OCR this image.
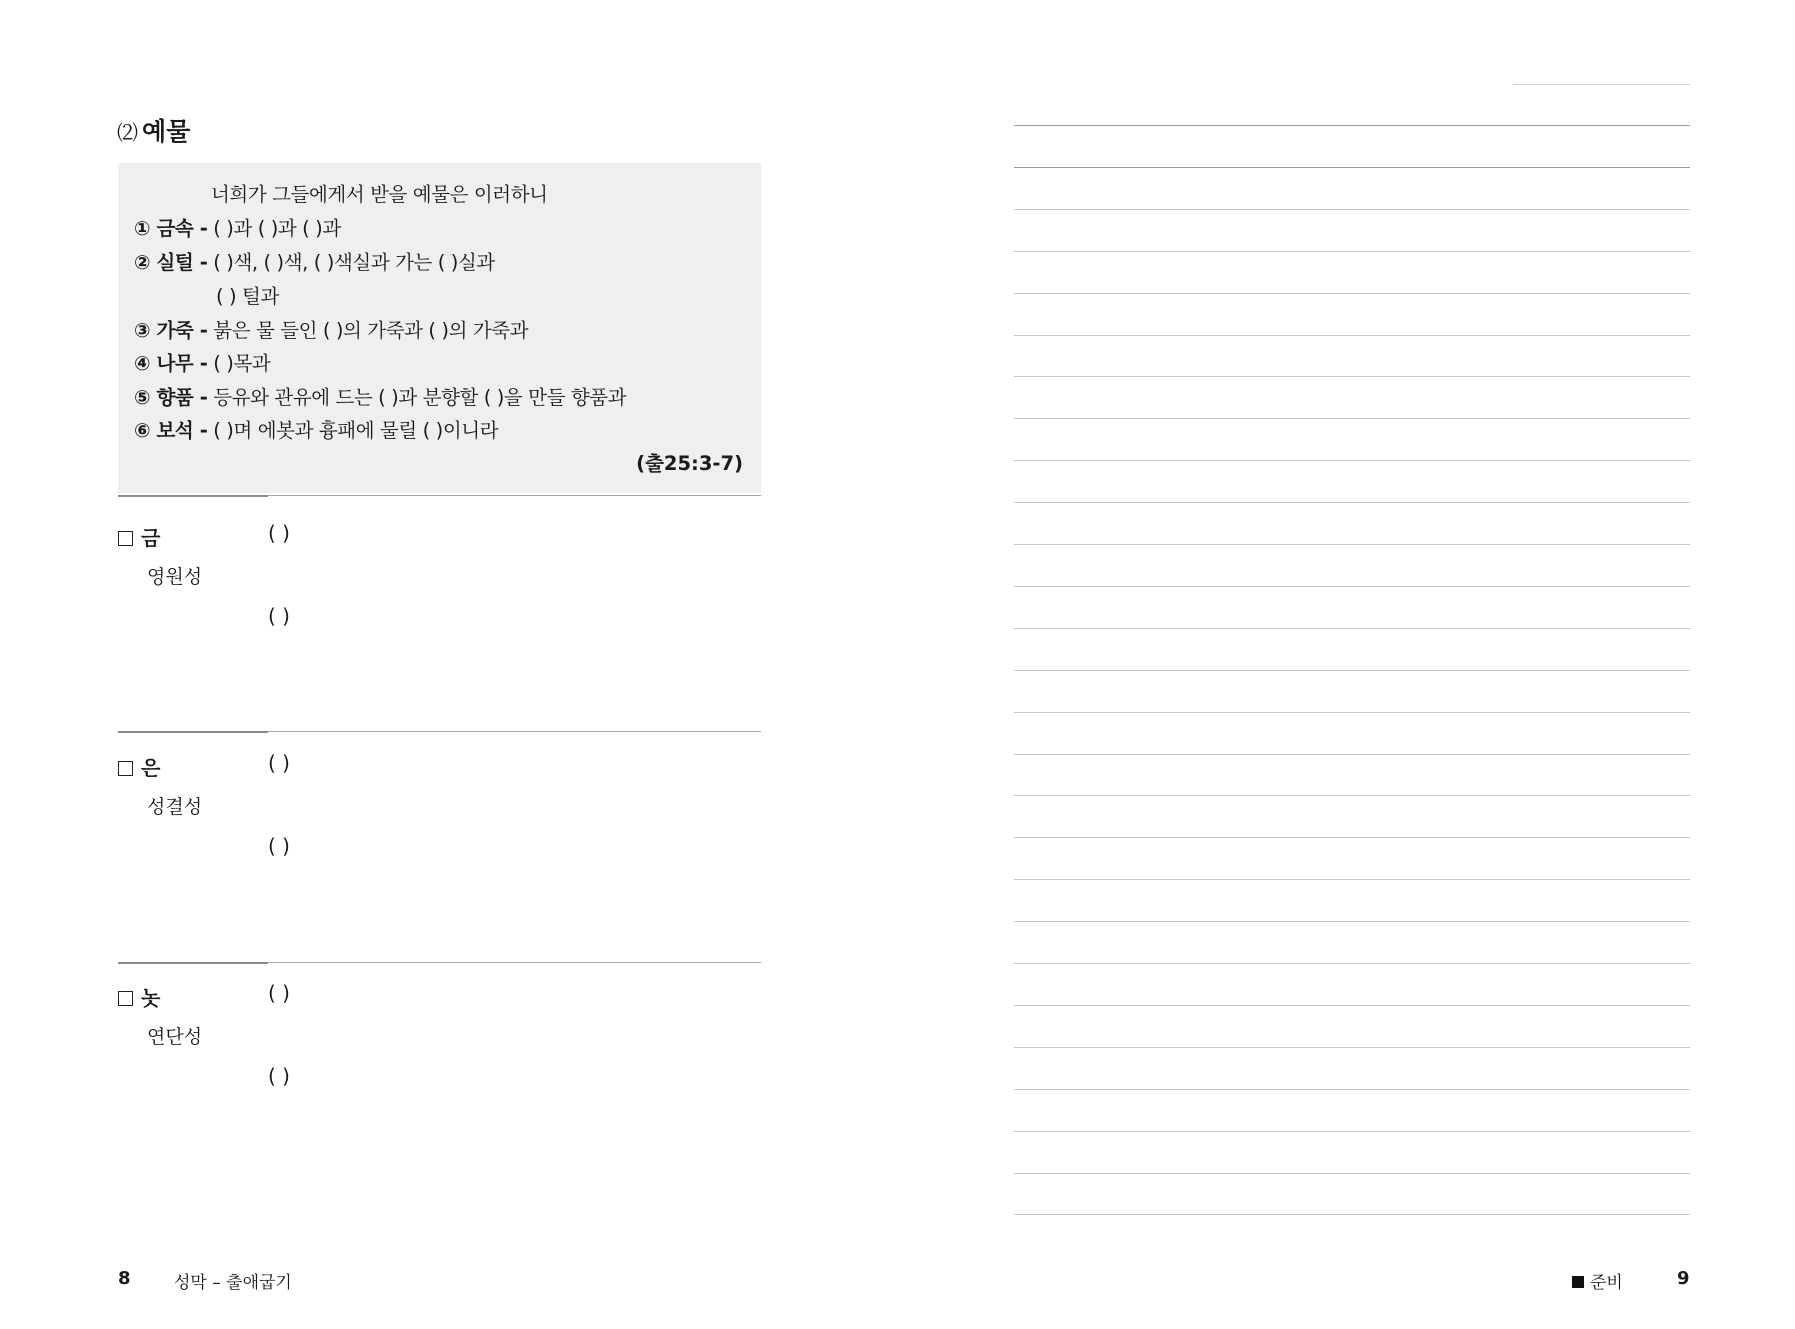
⑵ 예물
너희가 그들에게서 받을 예물은 이러하니
① 금속 - ( )과 ( )과 ( )과
② 실털 - ( )색, ( )색, ( )색실과 가는 ( )실과
( ) 털과
③ 가죽 - 붉은 물 들인 ( )의 가죽과 ( )의 가죽과
④ 나무 - ( )목과
⑤ 향품 - 등유와 관유에 드는 ( )과 분향할 ( )을 만들 향품과
⑥ 보석 - ( )며 에봇과 흉패에 물릴 ( )이니라
(출25:3-7)
금	( )
영원성
( )
은	( )
성결성
( )
놋	( )
연단성
( )
8	성막 – 출애굽기	준비	9
